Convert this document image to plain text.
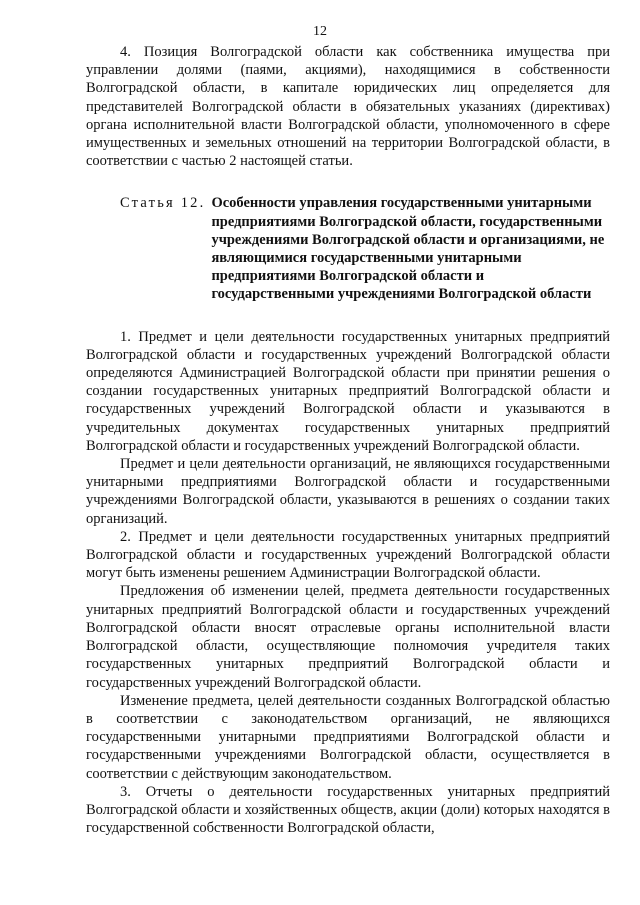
12

4. Позиция Волгоградской области как собственника имущества при управлении долями (паями, акциями), находящимися в собственности Волгоградской области, в капитале юридических лиц определяется для представителей Волгоградской области в обязательных указаниях (директивах) органа исполнительной власти Волгоградской области, уполномоченного в сфере имущественных и земельных отношений на территории Волгоградской области, в соответствии с частью 2 настоящей статьи.

Статья 12. Особенности управления государственными унитарными предприятиями Волгоградской области, государственными учреждениями Волгоградской области и организациями, не являющимися государственными унитарными предприятиями Волгоградской области и государственными учреждениями Волгоградской области

1. Предмет и цели деятельности государственных унитарных предприятий Волгоградской области и государственных учреждений Волгоградской области определяются Администрацией Волгоградской области при принятии решения о создании государственных унитарных предприятий Волгоградской области и государственных учреждений Волгоградской области и указываются в учредительных документах государственных унитарных предприятий Волгоградской области и государственных учреждений Волгоградской области.

Предмет и цели деятельности организаций, не являющихся государственными унитарными предприятиями Волгоградской области и государственными учреждениями Волгоградской области, указываются в решениях о создании таких организаций.

2. Предмет и цели деятельности государственных унитарных предприятий Волгоградской области и государственных учреждений Волгоградской области могут быть изменены решением Администрации Волгоградской области.

Предложения об изменении целей, предмета деятельности государственных унитарных предприятий Волгоградской области и государственных учреждений Волгоградской области вносят отраслевые органы исполнительной власти Волгоградской области, осуществляющие полномочия учредителя таких государственных унитарных предприятий Волгоградской области и государственных учреждений Волгоградской области.

Изменение предмета, целей деятельности созданных Волгоградской областью в соответствии с законодательством организаций, не являющихся государственными унитарными предприятиями Волгоградской области и государственными учреждениями Волгоградской области, осуществляется в соответствии с действующим законодательством.

3. Отчеты о деятельности государственных унитарных предприятий Волгоградской области и хозяйственных обществ, акции (доли) которых находятся в государственной собственности Волгоградской области,
